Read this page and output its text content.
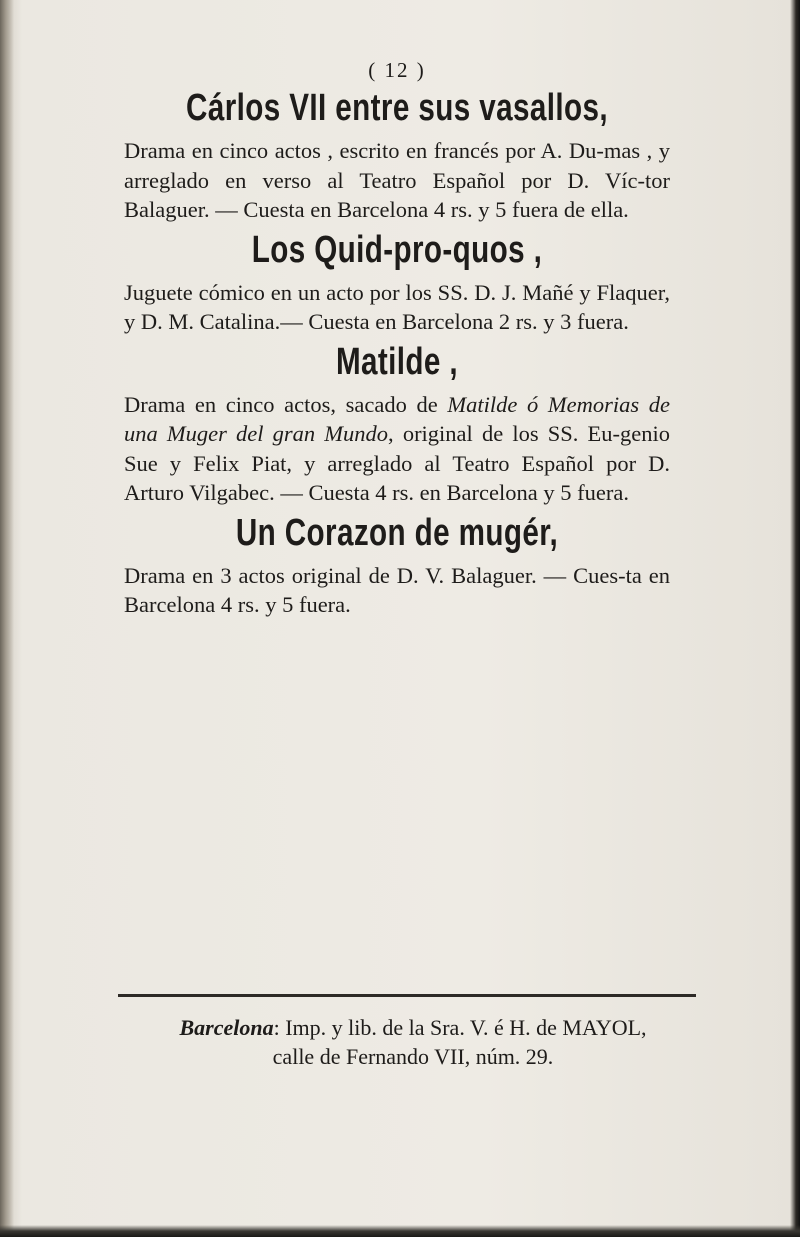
( 12 )
Cárlos VII entre sus vasallos,

Drama en cinco actos , escrito en francés por A. Du-mas , y arreglado en verso al Teatro Español por D. Víc-tor Balaguer. — Cuesta en Barcelona 4 rs. y 5 fuera de ella.

Los Quid-pro-quos ,

Juguete cómico en un acto por los SS. D. J. Mañé y Flaquer, y D. M. Catalina.— Cuesta en Barcelona 2 rs. y 3 fuera.

Matilde ,

Drama en cinco actos, sacado de Matilde ó Memorias de una Muger del gran Mundo, original de los SS. Eu-genio Sue y Felix Piat, y arreglado al Teatro Español por D. Arturo Vilgabec. — Cuesta 4 rs. en Barcelona y 5 fuera.

Un Corazon de mugér,

Drama en 3 actos original de D. V. Balaguer. — Cues-ta en Barcelona 4 rs. y 5 fuera.

Barcelona: Imp. y lib. de la Sra. V. é H. de MAYOL,
calle de Fernando VII, núm. 29.
